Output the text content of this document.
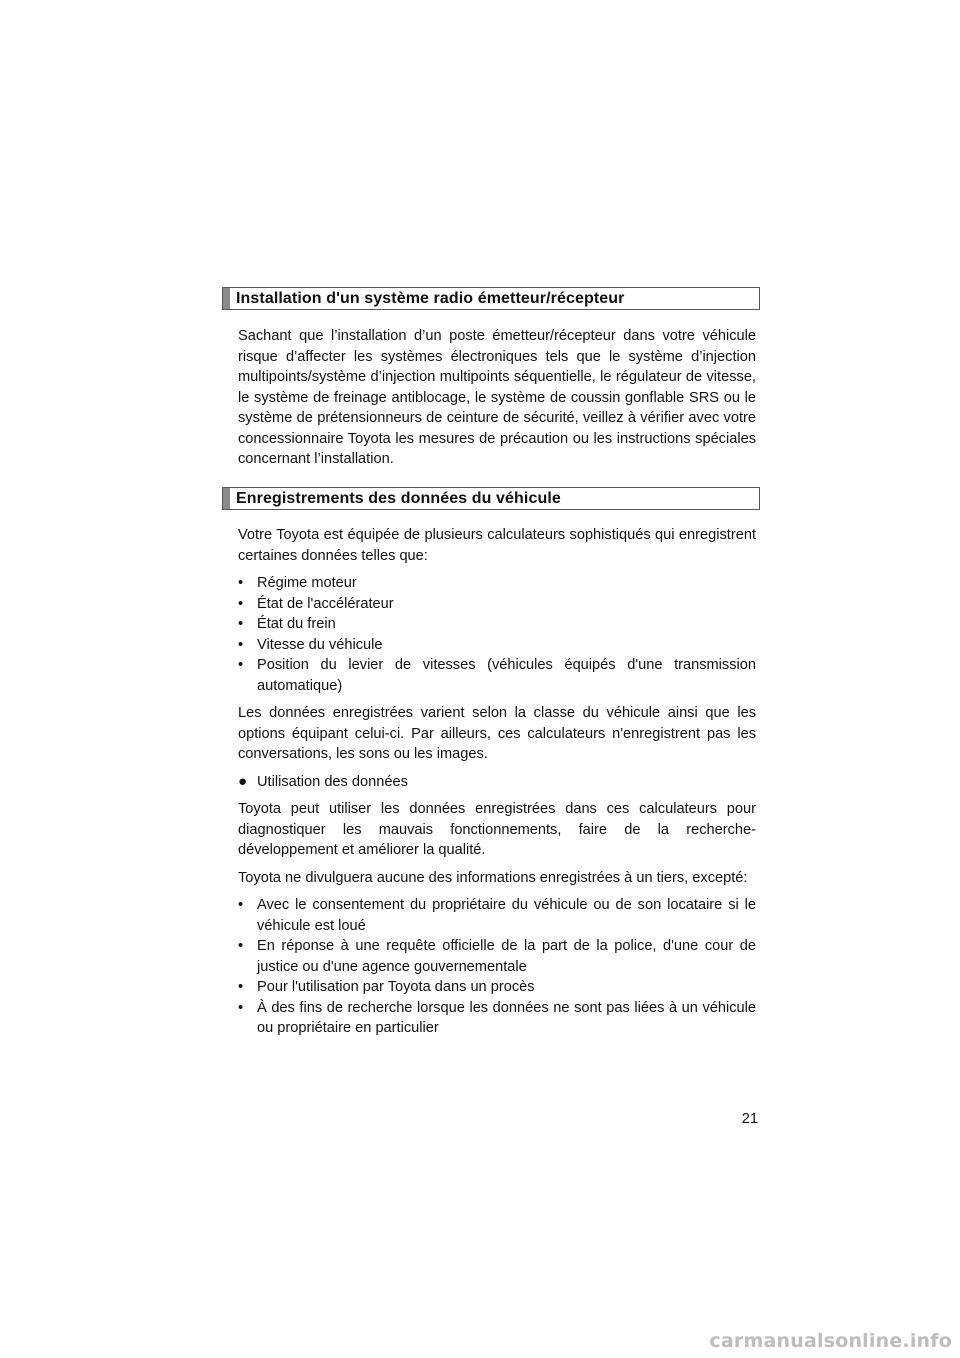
Installation d'un système radio émetteur/récepteur

Sachant que l’installation d’un poste émetteur/récepteur dans votre véhicule risque d’affecter les systèmes électroniques tels que le système d’injection multipoints/système d’injection multipoints séquentielle, le régulateur de vitesse, le système de freinage antiblocage, le système de coussin gonflable SRS ou le système de prétensionneurs de ceinture de sécurité, veillez à vérifier avec votre concessionnaire Toyota les mesures de précaution ou les instructions spéciales concernant l’installation.

Enregistrements des données du véhicule

Votre Toyota est équipée de plusieurs calculateurs sophistiqués qui enregistrent certaines données telles que:

• Régime moteur
• État de l'accélérateur
• État du frein
• Vitesse du véhicule
• Position du levier de vitesses (véhicules équipés d'une transmission automatique)

Les données enregistrées varient selon la classe du véhicule ainsi que les options équipant celui-ci. Par ailleurs, ces calculateurs n'enregistrent pas les conversations, les sons ou les images.

● Utilisation des données

Toyota peut utiliser les données enregistrées dans ces calculateurs pour diagnostiquer les mauvais fonctionnements, faire de la recherche-développement et améliorer la qualité.

Toyota ne divulguera aucune des informations enregistrées à un tiers, excepté:

• Avec le consentement du propriétaire du véhicule ou de son locataire si le véhicule est loué
• En réponse à une requête officielle de la part de la police, d'une cour de justice ou d'une agence gouvernementale
• Pour l'utilisation par Toyota dans un procès
• À des fins de recherche lorsque les données ne sont pas liées à un véhicule ou propriétaire en particulier
21
carmanualsonline.info
